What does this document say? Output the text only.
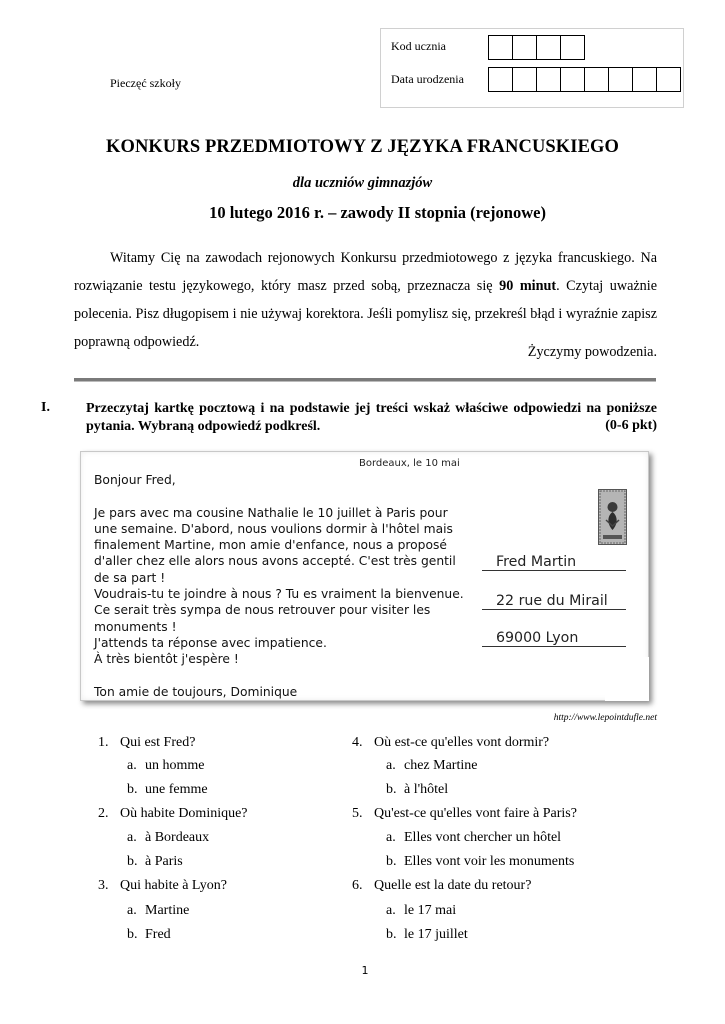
Pieczęć szkoły
Kod ucznia
Data urodzenia
KONKURS PRZEDMIOTOWY Z JĘZYKA FRANCUSKIEGO
dla uczniów gimnazjów
10 lutego 2016 r. – zawody II stopnia (rejonowe)

Witamy Cię na zawodach rejonowych Konkursu przedmiotowego z języka francuskiego. Na rozwiązanie testu językowego, który masz przed sobą, przeznacza się 90 minut. Czytaj uważnie polecenia. Pisz długopisem i nie używaj korektora. Jeśli pomylisz się, przekreśl błąd i wyraźnie zapisz poprawną odpowiedź.

Życzymy powodzenia.
I.	Przeczytaj kartkę pocztową i na podstawie jej treści wskaż właściwe odpowiedzi na poniższe pytania. Wybraną odpowiedź podkreśl.	(0-6 pkt)
Bordeaux, le 10 mai
Bonjour Fred,

Je pars avec ma cousine Nathalie le 10 juillet à Paris pour une semaine. D'abord, nous voulions dormir à l'hôtel mais finalement Martine, mon amie d'enfance, nous a proposé d'aller chez elle alors nous avons accepté. C'est très gentil de sa part !
Voudrais-tu te joindre à nous ? Tu es vraiment la bienvenue. Ce serait très sympa de nous retrouver pour visiter les monuments !
J'attends ta réponse avec impatience.
À très bientôt j'espère !

Ton amie de toujours, Dominique
Fred Martin
22 rue du Mirail
69000 Lyon
http://www.lepointdufle.net
1. Qui est Fred?
a. un homme
b. une femme
2. Où habite Dominique?
a. à Bordeaux
b. à Paris
3. Qui habite à Lyon?
a. Martine
b. Fred
4. Où est-ce qu'elles vont dormir?
a. chez Martine
b. à l'hôtel
5. Qu'est-ce qu'elles vont faire à Paris?
a. Elles vont chercher un hôtel
b. Elles vont voir les monuments
6. Quelle est la date du retour?
a. le 17 mai
b. le 17 juillet
1
